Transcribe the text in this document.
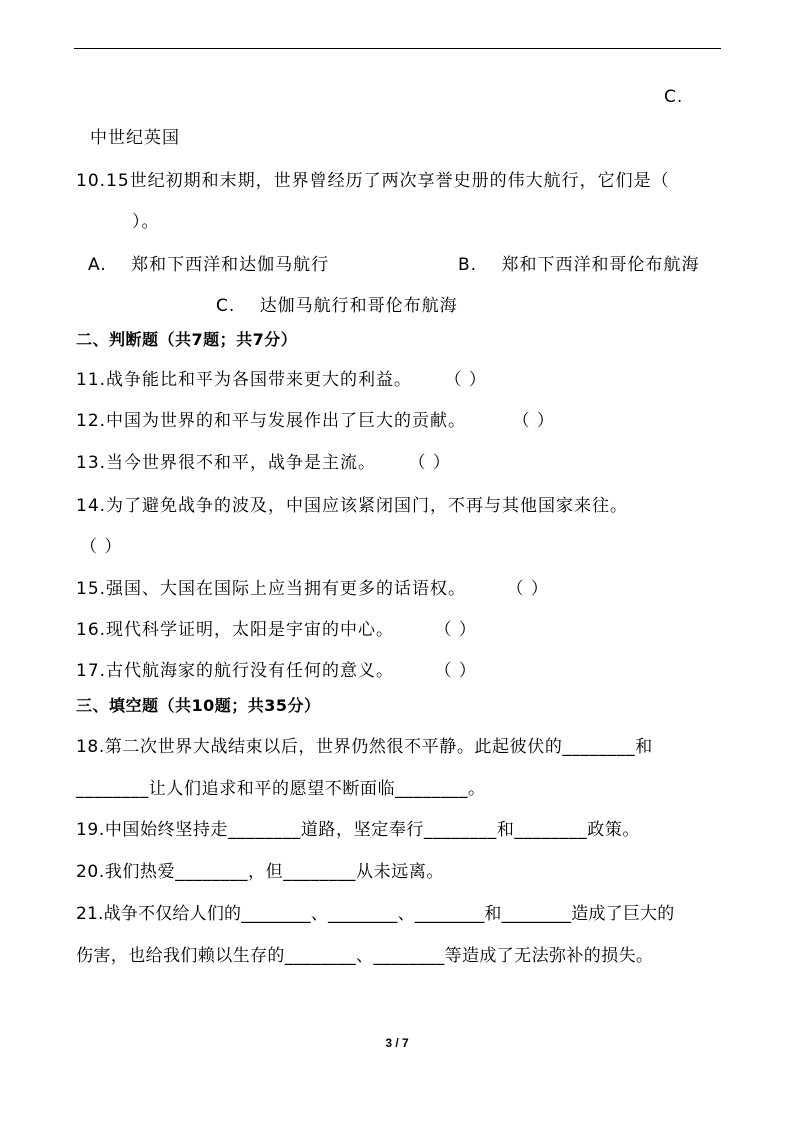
C.
中世纪英国
10.15世纪初期和末期，世界曾经历了两次享誉史册的伟大航行，它们是（
）。
A. 郑和下西洋和达伽马航行	B. 郑和下西洋和哥伦布航海
C. 达伽马航行和哥伦布航海
二、判断题（共7题；共7分）
11.战争能比和平为各国带来更大的利益。 （ ）
12.中国为世界的和平与发展作出了巨大的贡献。	（ ）
13.当今世界很不和平，战争是主流。 （ ）
14.为了避免战争的波及，中国应该紧闭国门，不再与其他国家来往。
（ ）
15.强国、大国在国际上应当拥有更多的话语权。 （ ）
16.现代科学证明，太阳是宇宙的中心。 （ ）
17.古代航海家的航行没有任何的意义。 （ ）
三、填空题（共10题；共35分）
18.第二次世界大战结束以后，世界仍然很不平静。此起彼伏的________和
________让人们追求和平的愿望不断面临________。
19.中国始终坚持走________道路，坚定奉行________和________政策。
20.我们热爱________，但________从未远离。
21.战争不仅给人们的________、________、________和________造成了巨大的
伤害，也给我们赖以生存的________、________等造成了无法弥补的损失。
3 / 7
